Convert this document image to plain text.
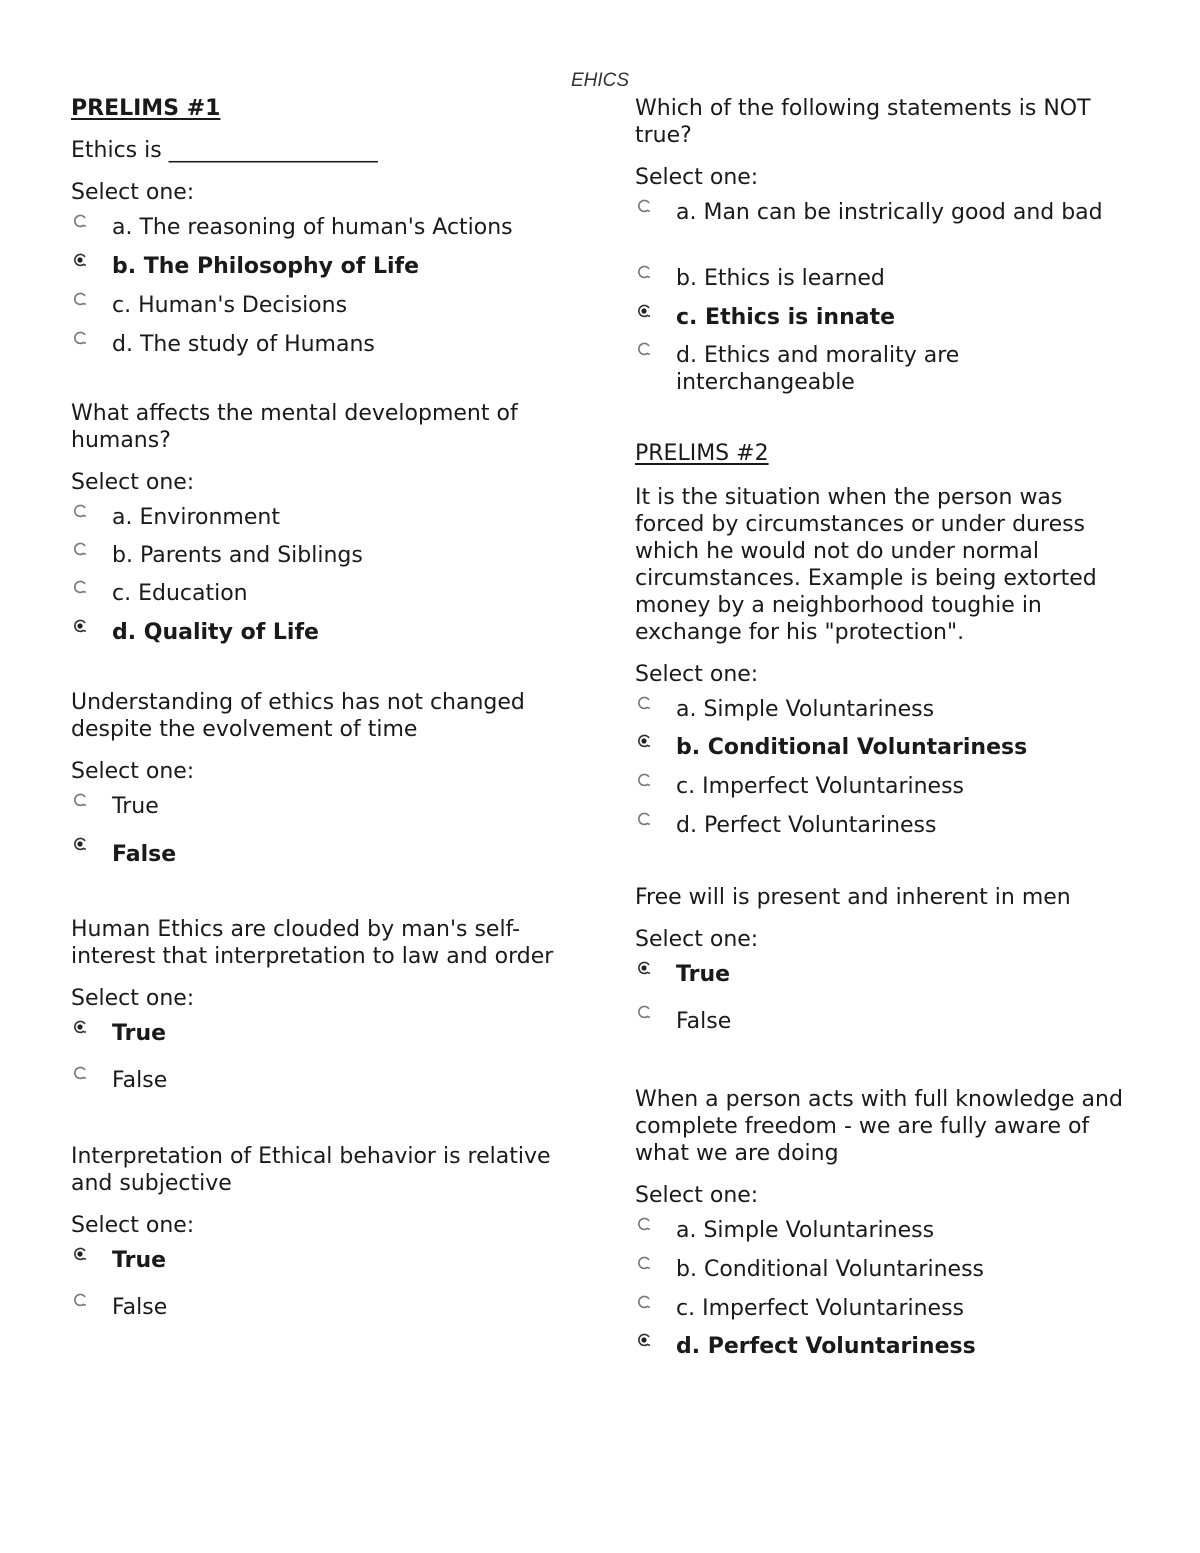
EHICS
PRELIMS #1

Ethics is ___________________

Select one:

a. The reasoning of human's Actions
b. The Philosophy of Life
c. Human's Decisions
d. The study of Humans

What affects the mental development of humans?

Select one:

a. Environment
b. Parents and Siblings
c. Education
d. Quality of Life

Understanding of ethics has not changed despite the evolvement of time

Select one:

True
False

Human Ethics are clouded by man's self-interest that interpretation to law and order

Select one:

True
False

Interpretation of Ethical behavior is relative and subjective

Select one:

True
False

Which of the following statements is NOT true?

Select one:

a. Man can be instrically good and bad
b. Ethics is learned
c. Ethics is innate
d. Ethics and morality are interchangeable
PRELIMS #2

It is the situation when the person was forced by circumstances or under duress which he would not do under normal circumstances. Example is being extorted money by a neighborhood toughie in exchange for his "protection".

Select one:

a. Simple Voluntariness
b. Conditional Voluntariness
c. Imperfect Voluntariness
d. Perfect Voluntariness

Free will is present and inherent in men

Select one:

True
False

When a person acts with full knowledge and complete freedom - we are fully aware of what we are doing

Select one:

a. Simple Voluntariness
b. Conditional Voluntariness
c. Imperfect Voluntariness
d. Perfect Voluntariness
